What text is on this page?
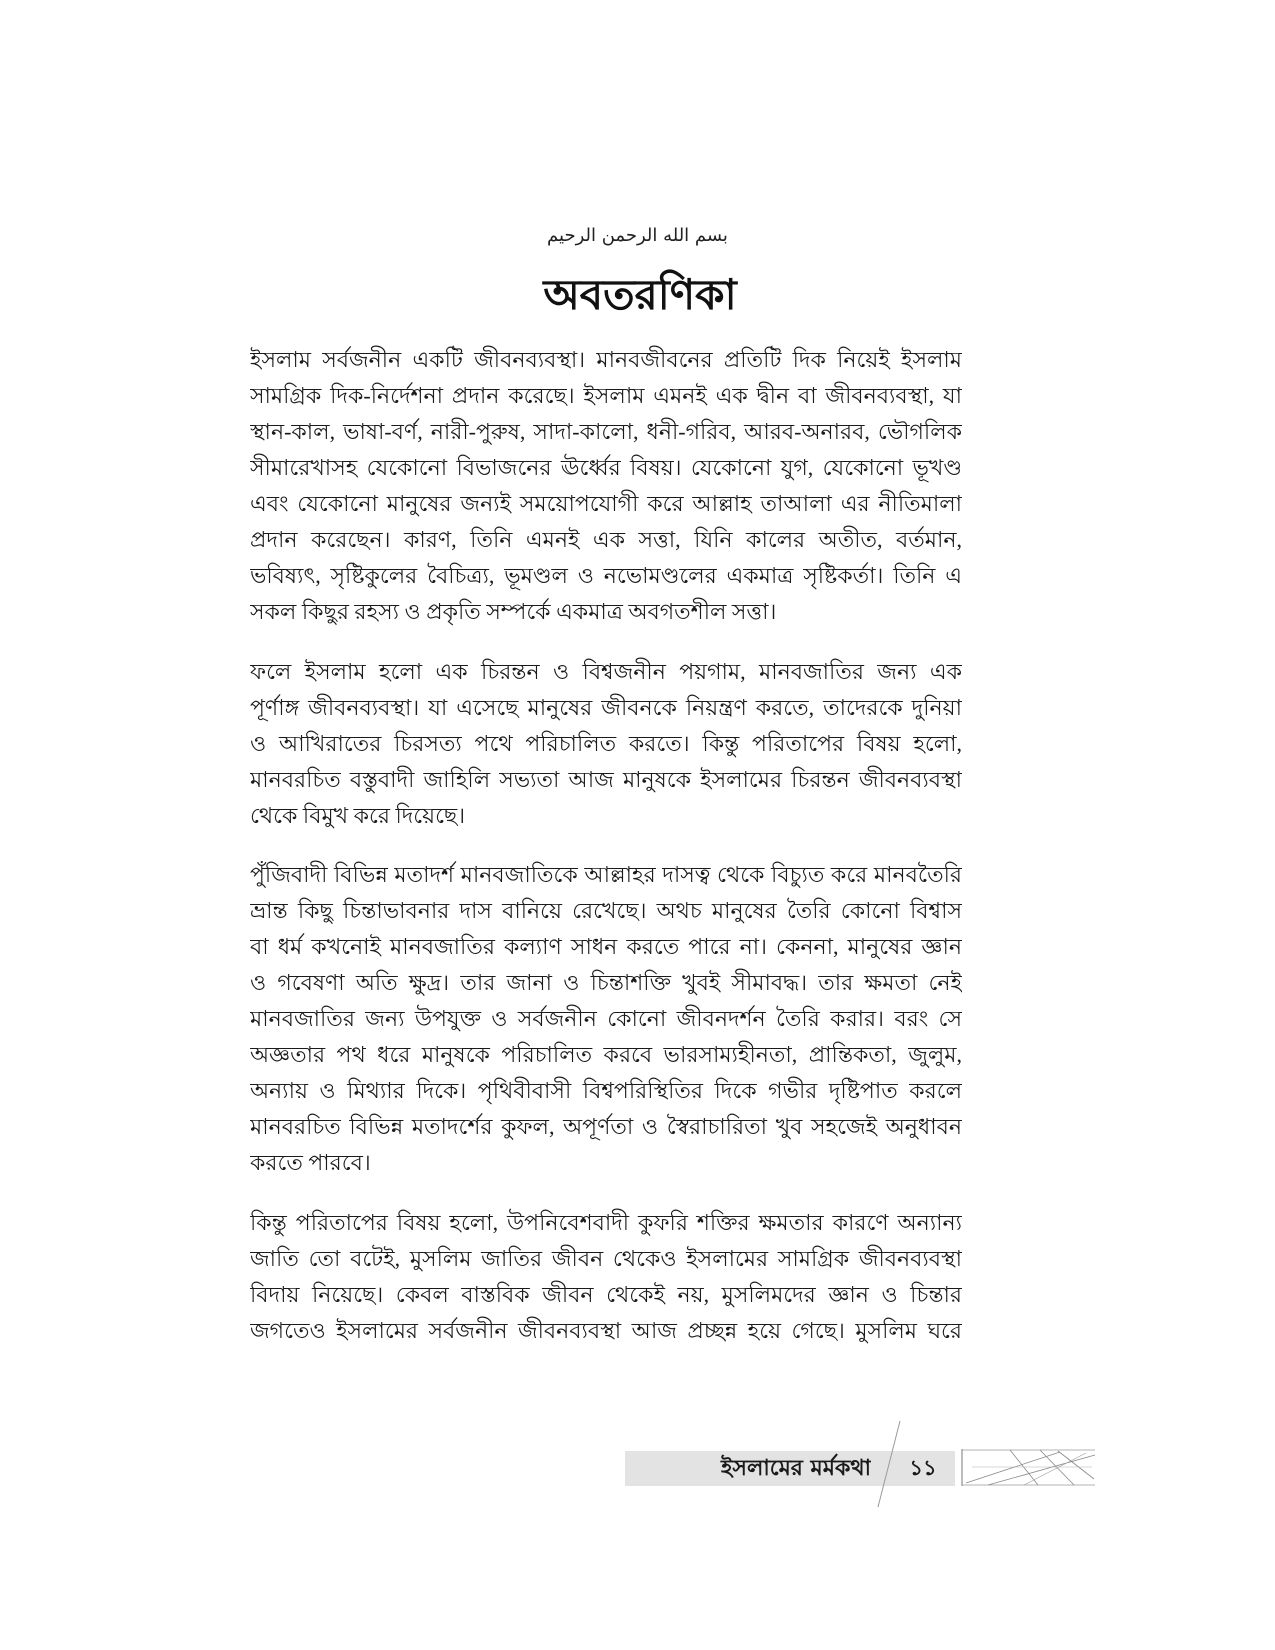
بسم الله الرحمن الرحيم
অবতরণিকা
ইসলাম সর্বজনীন একটি জীবনব্যবস্থা। মানবজীবনের প্রতিটি দিক নিয়েই ইসলাম
সামগ্রিক দিক-নির্দেশনা প্রদান করেছে। ইসলাম এমনই এক দ্বীন বা জীবনব্যবস্থা, যা
স্থান-কাল, ভাষা-বর্ণ, নারী-পুরুষ, সাদা-কালো, ধনী-গরিব, আরব-অনারব, ভৌগলিক
সীমারেখাসহ যেকোনো বিভাজনের ঊর্ধ্বের বিষয়। যেকোনো যুগ, যেকোনো ভূখণ্ড
এবং যেকোনো মানুষের জন্যই সময়োপযোগী করে আল্লাহ তাআলা এর নীতিমালা
প্রদান করেছেন। কারণ, তিনি এমনই এক সত্তা, যিনি কালের অতীত, বর্তমান,
ভবিষ্যৎ, সৃষ্টিকুলের বৈচিত্র্য, ভূমণ্ডল ও নভোমণ্ডলের একমাত্র সৃষ্টিকর্তা। তিনি এ
সকল কিছুর রহস্য ও প্রকৃতি সম্পর্কে একমাত্র অবগতশীল সত্তা।
ফলে ইসলাম হলো এক চিরন্তন ও বিশ্বজনীন পয়গাম, মানবজাতির জন্য এক
পূর্ণাঙ্গ জীবনব্যবস্থা। যা এসেছে মানুষের জীবনকে নিয়ন্ত্রণ করতে, তাদেরকে দুনিয়া
ও আখিরাতের চিরসত্য পথে পরিচালিত করতে। কিন্তু পরিতাপের বিষয় হলো,
মানবরচিত বস্তুবাদী জাহিলি সভ্যতা আজ মানুষকে ইসলামের চিরন্তন জীবনব্যবস্থা
থেকে বিমুখ করে দিয়েছে।
পুঁজিবাদী বিভিন্ন মতাদর্শ মানবজাতিকে আল্লাহর দাসত্ব থেকে বিচ্যুত করে মানবতৈরি
ভ্রান্ত কিছু চিন্তাভাবনার দাস বানিয়ে রেখেছে। অথচ মানুষের তৈরি কোনো বিশ্বাস
বা ধর্ম কখনোই মানবজাতির কল্যাণ সাধন করতে পারে না। কেননা, মানুষের জ্ঞান
ও গবেষণা অতি ক্ষুদ্র। তার জানা ও চিন্তাশক্তি খুবই সীমাবদ্ধ। তার ক্ষমতা নেই
মানবজাতির জন্য উপযুক্ত ও সর্বজনীন কোনো জীবনদর্শন তৈরি করার। বরং সে
অজ্ঞতার পথ ধরে মানুষকে পরিচালিত করবে ভারসাম্যহীনতা, প্রান্তিকতা, জুলুম,
অন্যায় ও মিথ্যার দিকে। পৃথিবীবাসী বিশ্বপরিস্থিতির দিকে গভীর দৃষ্টিপাত করলে
মানবরচিত বিভিন্ন মতাদর্শের কুফল, অপূর্ণতা ও স্বৈরাচারিতা খুব সহজেই অনুধাবন
করতে পারবে।
কিন্তু পরিতাপের বিষয় হলো, উপনিবেশবাদী কুফরি শক্তির ক্ষমতার কারণে অন্যান্য
জাতি তো বটেই, মুসলিম জাতির জীবন থেকেও ইসলামের সামগ্রিক জীবনব্যবস্থা
বিদায় নিয়েছে। কেবল বাস্তবিক জীবন থেকেই নয়, মুসলিমদের জ্ঞান ও চিন্তার
জগতেও ইসলামের সর্বজনীন জীবনব্যবস্থা আজ প্রচ্ছন্ন হয়ে গেছে। মুসলিম ঘরে
ইসলামের মর্মকথা	১১
